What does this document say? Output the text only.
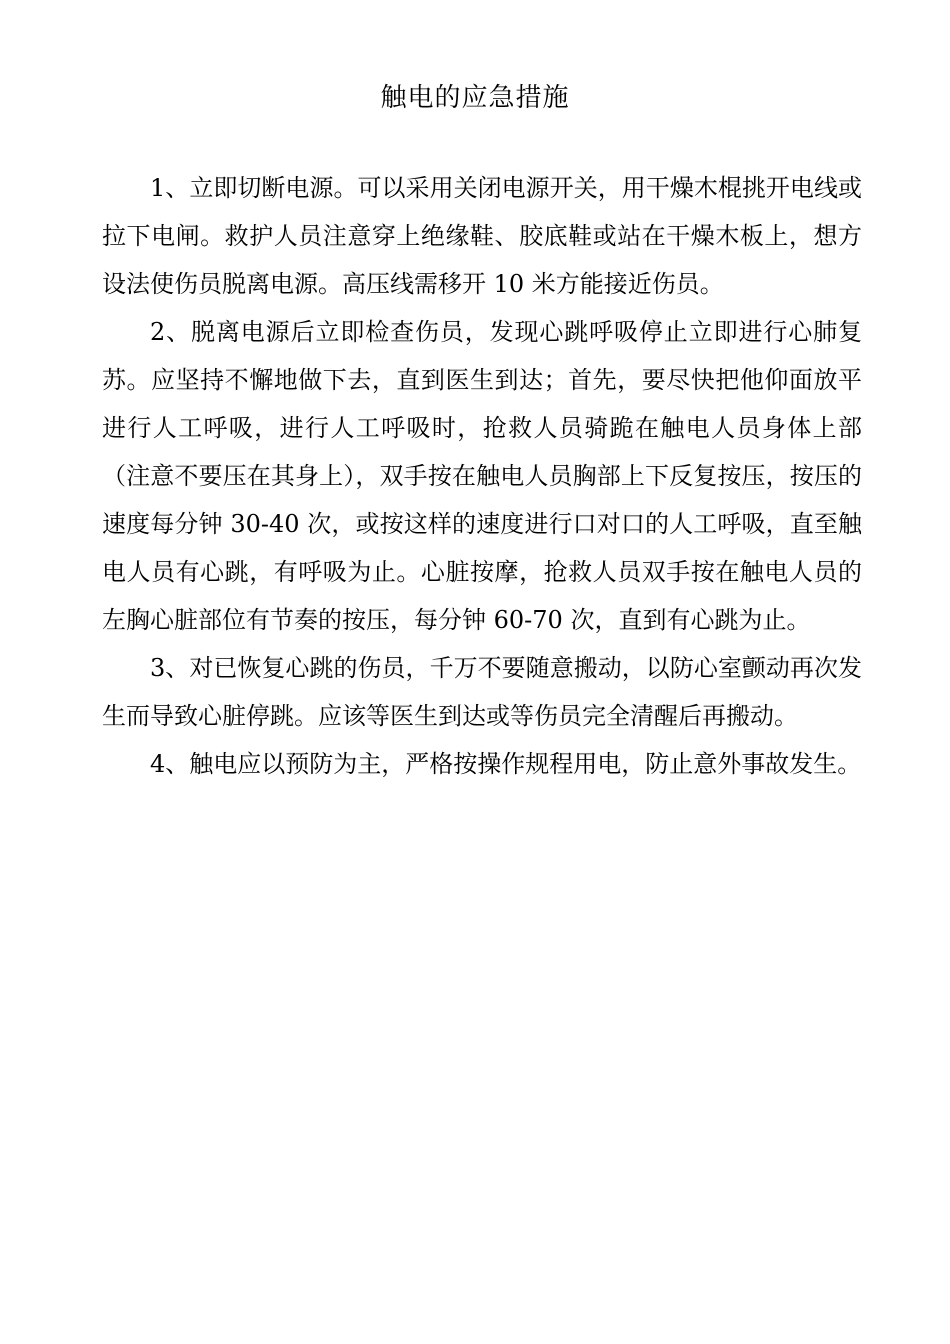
触电的应急措施

1、立即切断电源。可以采用关闭电源开关，用干燥木棍挑开电线或拉下电闸。救护人员注意穿上绝缘鞋、胶底鞋或站在干燥木板上，想方设法使伤员脱离电源。高压线需移开 10 米方能接近伤员。

2、脱离电源后立即检查伤员，发现心跳呼吸停止立即进行心肺复苏。应坚持不懈地做下去，直到医生到达；首先，要尽快把他仰面放平进行人工呼吸，进行人工呼吸时，抢救人员骑跪在触电人员身体上部（注意不要压在其身上），双手按在触电人员胸部上下反复按压，按压的速度每分钟 30-40 次，或按这样的速度进行口对口的人工呼吸，直至触电人员有心跳，有呼吸为止。心脏按摩，抢救人员双手按在触电人员的左胸心脏部位有节奏的按压，每分钟 60-70 次，直到有心跳为止。

3、对已恢复心跳的伤员，千万不要随意搬动，以防心室颤动再次发生而导致心脏停跳。应该等医生到达或等伤员完全清醒后再搬动。

4、触电应以预防为主，严格按操作规程用电，防止意外事故发生。
